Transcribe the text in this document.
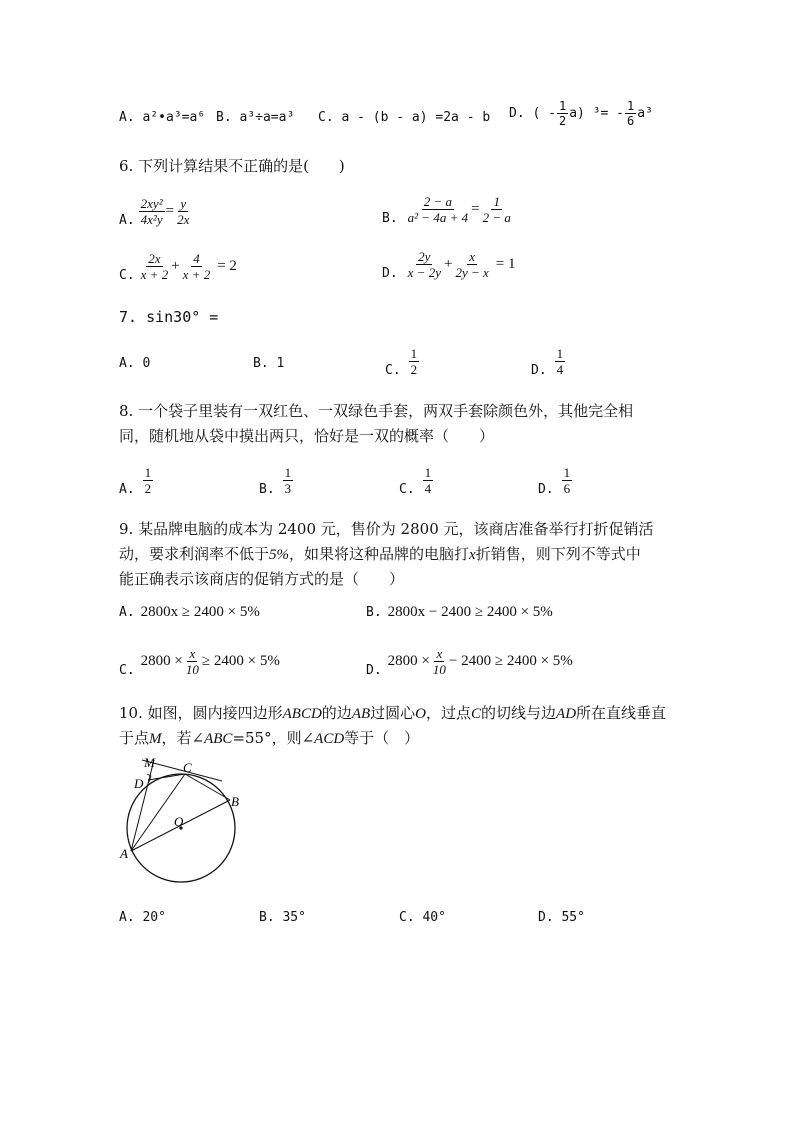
A. a²•a³=a⁶ B. a³÷a=a³ C. a - (b - a) =2a - b D. ( - $\frac{1}{2} a$) $^3= - \frac{1}{6} a^3$
6. 下列计算结果不正确的是(　　)
A. $\frac{\text{2xy²}}{\text{4x²y}} = \frac{y}{2x}$	B. $\frac{2 - a}{\text{a² − 4a + 4}} = \frac{1}{2 - a}$
C. $\frac{2x}{x + 2} + \frac{4}{x + 2} = 2$	D. $\frac{2y}{x - 2y} + \frac{x}{2y - x} = 1$
7. sin30° =
A. 0	B. 1	C. $\frac{1}{2}$	D. $\frac{1}{4}$
8. 一个袋子里装有一双红色、一双绿色手套，两双手套除颜色外，其他完全相
同，随机地从袋中摸出两只，恰好是一双的概率（　　）
A. $\frac{1}{2}$	B. $\frac{1}{3}$	C. $\frac{1}{4}$	D. $\frac{1}{6}$
9. 某品牌电脑的成本为 2400 元，售价为 2800 元，该商店准备举行打折促销活
动，要求利润率不低于5%，如果将这种品牌的电脑打x折销售，则下列不等式中
能正确表示该商店的促销方式的是（　　）
A. 2800x ≥ 2400 × 5%	B. 2800x − 2400 ≥ 2400 × 5%
C.
$2800 \times \frac{x}{10} \ge 2400 \times 5\%$
D.
$2800 \times \frac{x}{10} - 2400 \ge 2400 \times 5\%$
10. 如图，圆内接四边形ABCD的边AB过圆心O，过点C的切线与边AD所在直线垂直
于点M，若∠ABC=55°，则∠ACD等于（　）
M C
D
B
O
A
A. 20°	B. 35°	C. 40°	D. 55°
